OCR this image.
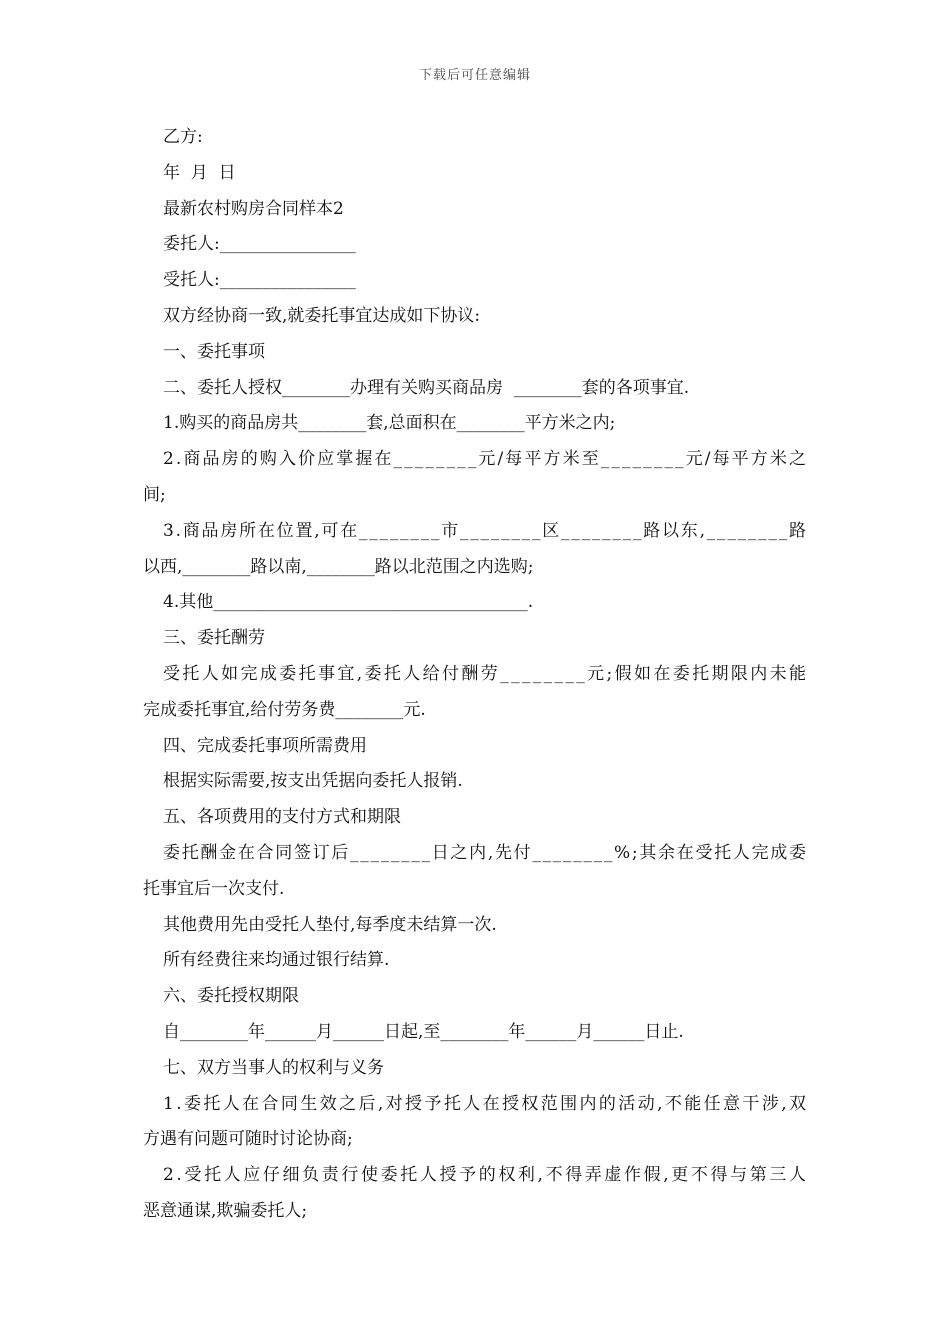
下载后可任意编辑
乙方:
年  月  日
最新农村购房合同样本2
委托人:________________
受托人:________________
双方经协商一致,就委托事宜达成如下协议:
一、委托事项
二、委托人授权________办理有关购买商品房  ________套的各项事宜.
1.购买的商品房共________套,总面积在________平方米之内;
2.商品房的购入价应掌握在________元/每平方米至________元/每平方米之
间;
3.商品房所在位置,可在________市________区________路以东,________路
以西,________路以南,________路以北范围之内选购;
4.其他_____________________________________.
三、委托酬劳
受托人如完成委托事宜,委托人给付酬劳________元;假如在委托期限内未能
完成委托事宜,给付劳务费________元.
四、完成委托事项所需费用
根据实际需要,按支出凭据向委托人报销.
五、各项费用的支付方式和期限
委托酬金在合同签订后________日之内,先付________%;其余在受托人完成委
托事宜后一次支付.
其他费用先由受托人垫付,每季度未结算一次.
所有经费往来均通过银行结算.
六、委托授权期限
自________年______月______日起,至________年______月______日止.
七、双方当事人的权利与义务
1.委托人在合同生效之后,对授予托人在授权范围内的活动,不能任意干涉,双
方遇有问题可随时讨论协商;
2.受托人应仔细负责行使委托人授予的权利,不得弄虚作假,更不得与第三人
恶意通谋,欺骗委托人;
